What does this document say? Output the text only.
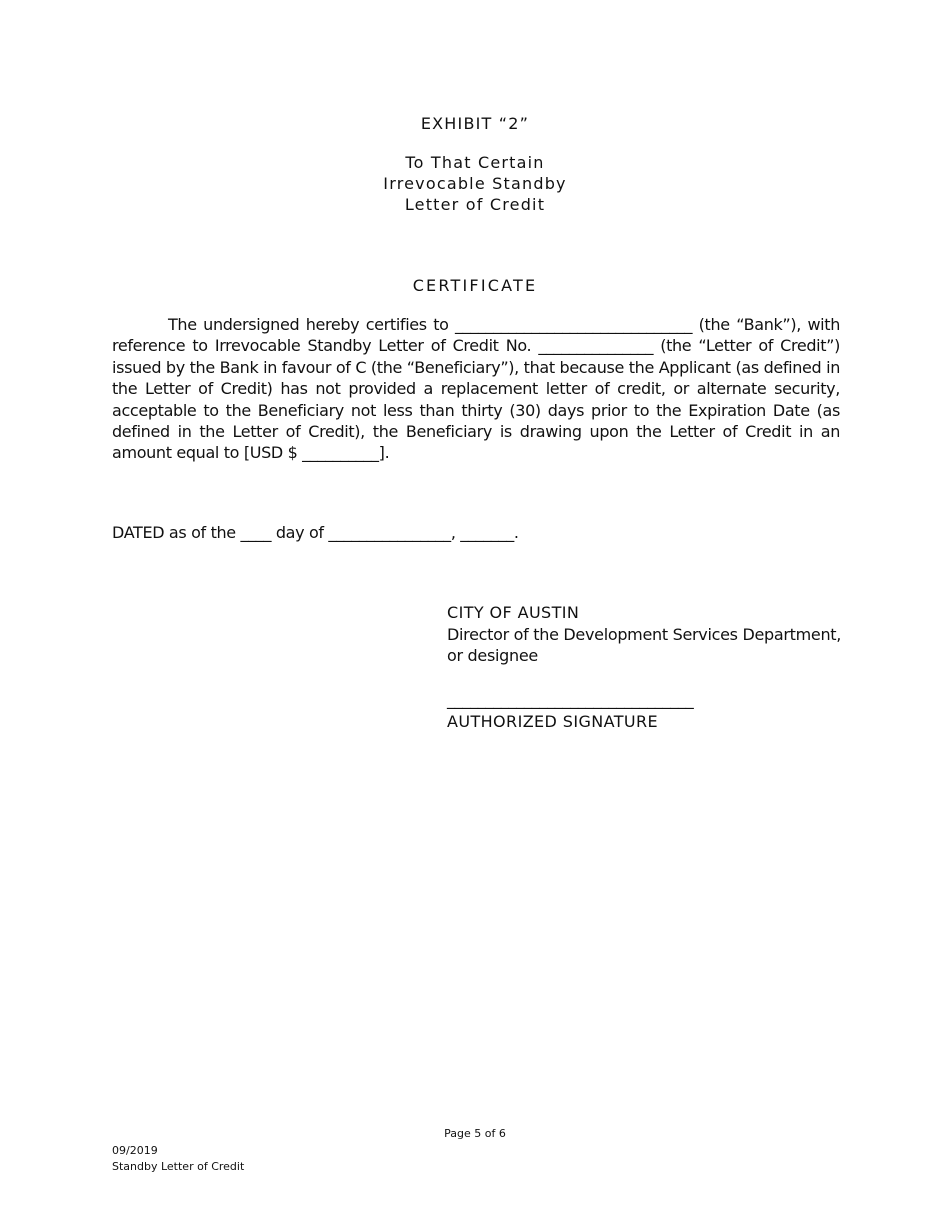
EXHIBIT “2”
To That Certain
Irrevocable Standby
Letter of Credit
CERTIFICATE

The undersigned hereby certifies to _______________________________ (the “Bank”), with reference to Irrevocable Standby Letter of Credit No. _______________ (the “Letter of Credit”) issued by the Bank in favour of C (the “Beneficiary”), that because the Applicant (as defined in the Letter of Credit) has not provided a replacement letter of credit, or alternate security, acceptable to the Beneficiary not less than thirty (30) days prior to the Expiration Date (as defined in the Letter of Credit), the Beneficiary is drawing upon the Letter of Credit in an amount equal to [USD $ __________].

DATED as of the ____ day of ________________, _______.
CITY OF AUSTIN
Director of the Development Services Department,
or designee
________________________________
AUTHORIZED SIGNATURE
Page 5 of 6
09/2019
Standby Letter of Credit
